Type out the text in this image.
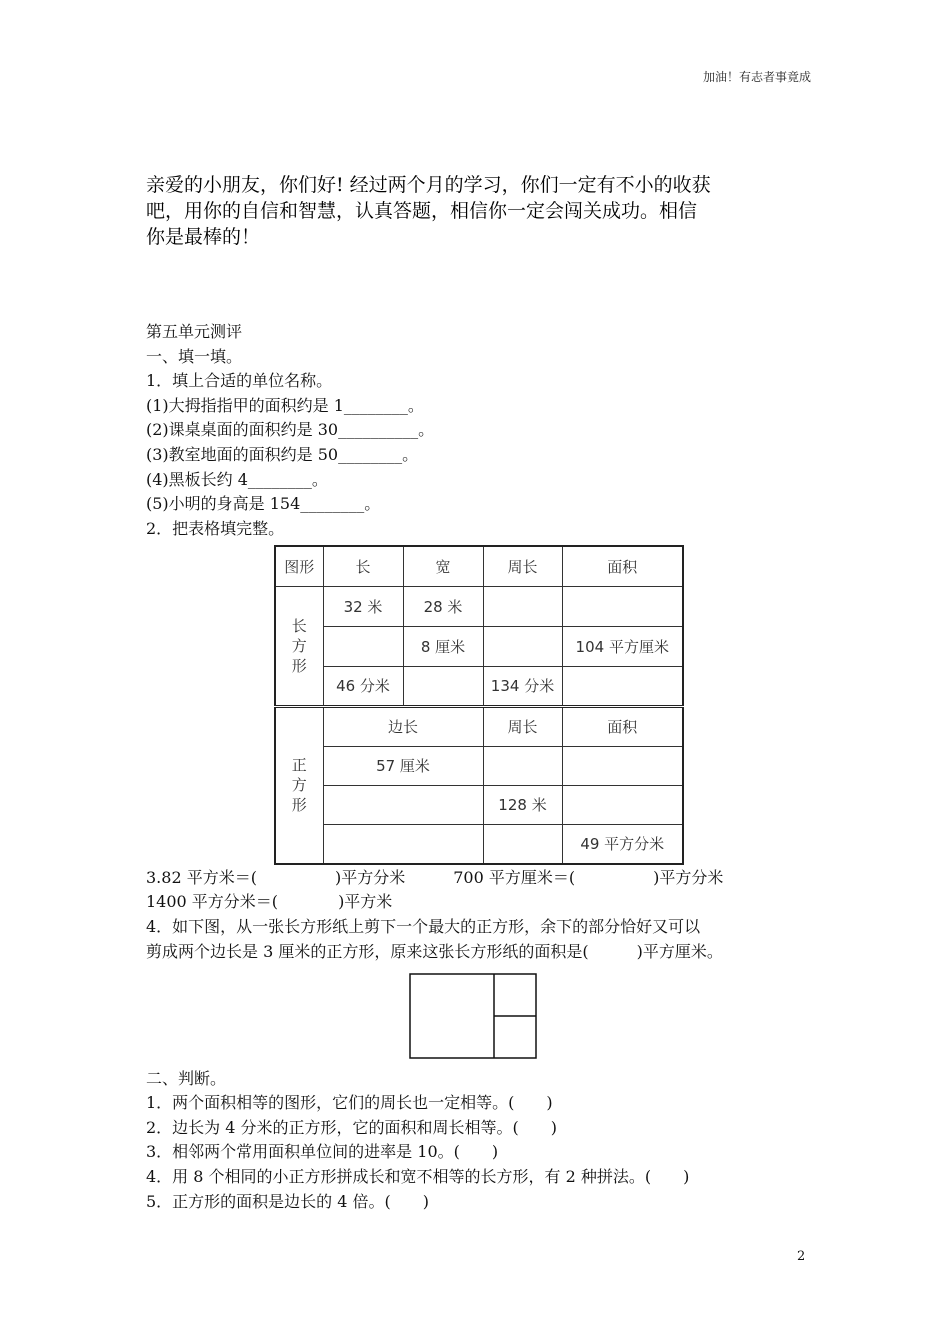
加油！有志者事竟成
亲爱的小朋友，你们好! 经过两个月的学习，你们一定有不小的收获
吧，用你的自信和智慧，认真答题，相信你一定会闯关成功。相信
你是最棒的！
第五单元测评
一、填一填。
1．填上合适的单位名称。
(1)大拇指指甲的面积约是 1________。
(2)课桌桌面的面积约是 30__________。
(3)教室地面的面积约是 50________。
(4)黑板长约 4________。
(5)小明的身高是 154________。
2．把表格填完整。
图形	长	宽	周长	面积
长方形	32 米	28 米		
		8 厘米		104 平方厘米
	46 分米		134 分米	
正方形	边长		周长	面积
	57 厘米			
			128 米	
				49 平方分米
3.82 平方米＝(	)平方分米	700 平方厘米＝(	)平方分米
1400 平方分米＝(	)平方米
4．如下图，从一张长方形纸上剪下一个最大的正方形，余下的部分恰好又可以
剪成两个边长是 3 厘米的正方形，原来这张长方形纸的面积是(　　　)平方厘米。
二、判断。
1．两个面积相等的图形，它们的周长也一定相等。(　　)
2．边长为 4 分米的正方形，它的面积和周长相等。(　　)
3．相邻两个常用面积单位间的进率是 10。(　　)
4．用 8 个相同的小正方形拼成长和宽不相等的长方形，有 2 种拼法。(　　)
5．正方形的面积是边长的 4 倍。(　　)
2
